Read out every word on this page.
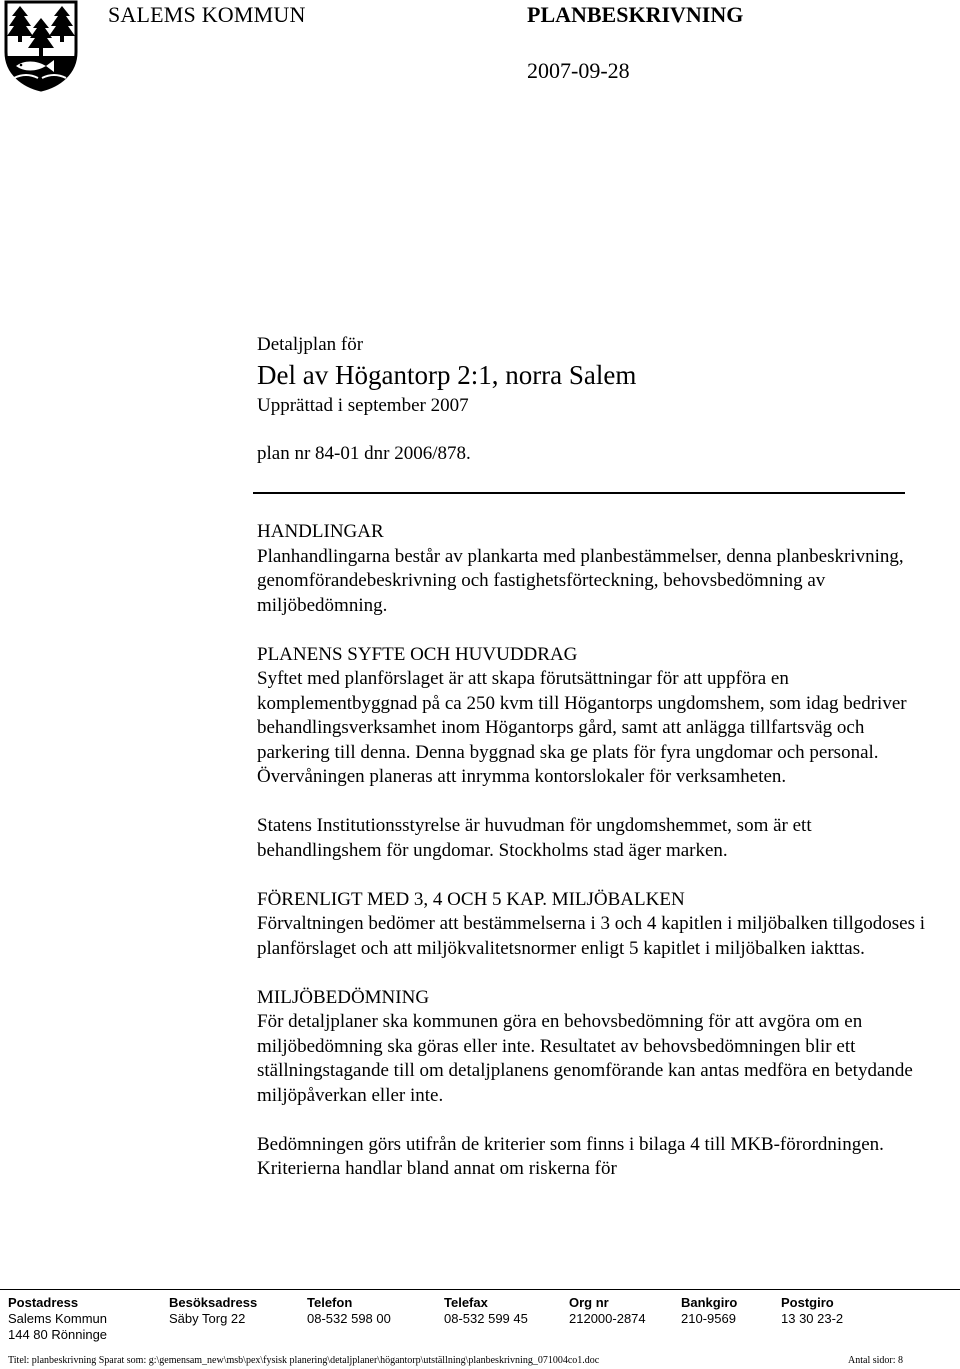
SALEMS KOMMUN	PLANBESKRIVNING
2007-09-28
Detaljplan för
Del av Högantorp 2:1, norra Salem
Upprättad i september 2007
plan nr 84-01 dnr 2006/878.
HANDLINGAR
Planhandlingarna består av plankarta med planbestämmelser, denna planbeskrivning, genomförandebeskrivning och fastighetsförteckning, behovsbedömning av miljöbedömning.
PLANENS SYFTE OCH HUVUDDRAG
Syftet med planförslaget är att skapa förutsättningar för att uppföra en komplementbyggnad på ca 250 kvm till Högantorps ungdomshem, som idag bedriver behandlingsverksamhet inom Högantorps gård, samt att anlägga tillfartsväg och parkering till denna. Denna byggnad ska ge plats för fyra ungdomar och personal. Övervåningen planeras att inrymma kontorslokaler för verksamheten.
Statens Institutionsstyrelse är huvudman för ungdomshemmet, som är ett behandlingshem för ungdomar. Stockholms stad äger marken.
FÖRENLIGT MED 3, 4 OCH 5 KAP. MILJÖBALKEN
Förvaltningen bedömer att bestämmelserna i 3 och 4 kapitlen i miljöbalken tillgodoses i planförslaget och att miljökvalitetsnormer enligt 5 kapitlet i miljöbalken iakttas.
MILJÖBEDÖMNING
För detaljplaner ska kommunen göra en behovsbedömning för att avgöra om en miljöbedömning ska göras eller inte. Resultatet av behovsbedömningen blir ett ställningstagande till om detaljplanens genomförande kan antas medföra en betydande miljöpåverkan eller inte.
Bedömningen görs utifrån de kriterier som finns i bilaga 4 till MKB-förordningen. Kriterierna handlar bland annat om riskerna för
Postadress
Salems Kommun
144 80 Rönninge
Besöksadress
Säby Torg 22
Telefon
08-532 598 00
Telefax
08-532 599 45
Org nr
212000-2874
Bankgiro
210-9569
Postgiro
13 30 23-2
Titel: planbeskrivning Sparat som: g:\gemensam_new\msb\pex\fysisk planering\detaljplaner\högantorp\utställning\planbeskrivning_071004co1.doc	Antal sidor: 8
